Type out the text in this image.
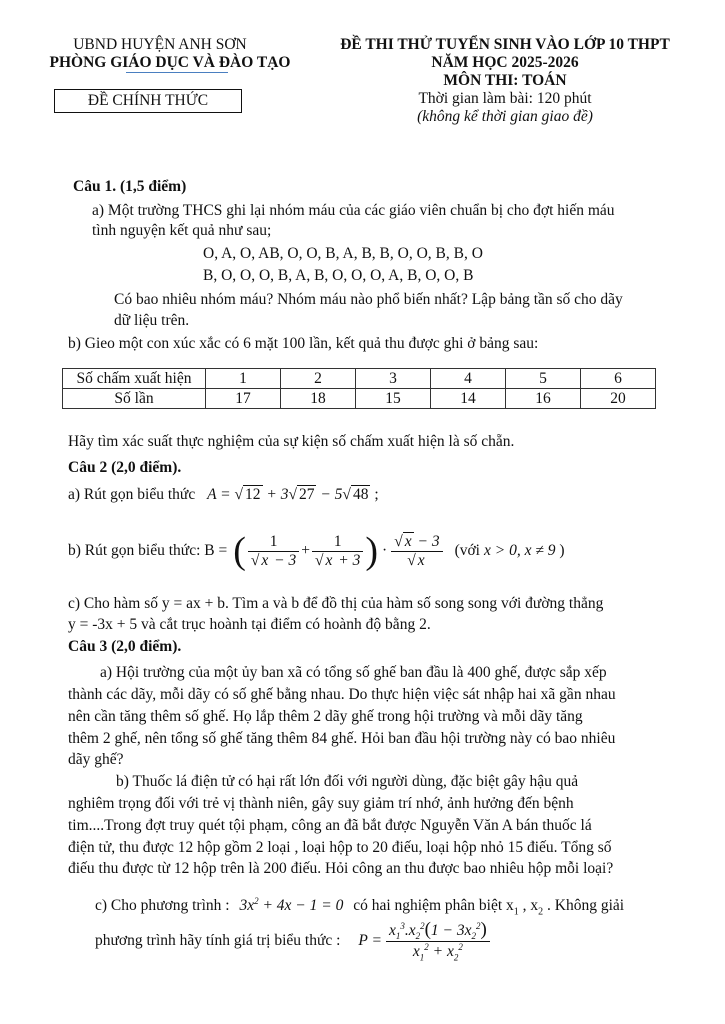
UBND HUYỆN ANH SƠN
PHÒNG GIÁO DỤC VÀ ĐÀO TẠO
ĐỀ CHÍNH THỨC
ĐỀ THI THỬ TUYỂN SINH VÀO LỚP 10 THPT
NĂM HỌC 2025-2026
MÔN THI: TOÁN
Thời gian làm bài: 120 phút
(không kể thời gian giao đề)
Câu 1. (1,5 điểm)
a) Một trường THCS ghi lại nhóm máu của các giáo viên chuẩn bị cho đợt hiến máu
tình nguyện kết quả như sau;
O, A, O, AB, O, O, B, A, B, B, O, O, B, B, O
B, O, O, O, B, A, B, O, O, O, A, B, O, O, B
Có bao nhiêu nhóm máu? Nhóm máu nào phổ biến nhất? Lập bảng tần số cho dãy
dữ liệu trên.
b) Gieo một con xúc xắc có 6 mặt 100 lần, kết quả thu được ghi ở bảng sau:
Số chấm xuất hiện	1	2	3	4	5	6
Số lần	17	18	15	14	16	20
Hãy tìm xác suất thực nghiệm của sự kiện số chấm xuất hiện là số chẵn.
Câu 2 (2,0 điểm).
a) Rút gọn biểu thức A = √ 12 + 3√ 27 − 5√ 48 ;
b) Rút gọn biểu thức: B = ( $\frac{1}{√ x - 3} + \frac{1}{√ x + 3}$ ) · $\frac{√ x - 3}{√ x}$ (với x > 0, x ≠ 9 )
c) Cho hàm số y = ax + b. Tìm a và b để đồ thị của hàm số song song với đường thẳng
y = -3x + 5 và cắt trục hoành tại điểm có hoành độ bằng 2.
Câu 3 (2,0 điểm).
a) Hội trường của một ủy ban xã có tổng số ghế ban đầu là 400 ghế, được sắp xếp
thành các dãy, mỗi dãy có số ghế bằng nhau. Do thực hiện việc sát nhập hai xã gần nhau
nên cần tăng thêm số ghế. Họ lắp thêm 2 dãy ghế trong hội trường và mỗi dãy tăng
thêm 2 ghế, nên tổng số ghế tăng thêm 84 ghế. Hỏi ban đầu hội trường này có bao nhiêu
dãy ghế?
b) Thuốc lá điện tử có hại rất lớn đối với người dùng, đặc biệt gây hậu quả
nghiêm trọng đối với trẻ vị thành niên, gây suy giảm trí nhớ, ảnh hưởng đến bệnh
tim....Trong đợt truy quét tội phạm, công an đã bắt được Nguyễn Văn A bán thuốc lá
điện tử, thu được 12 hộp gồm 2 loại , loại hộp to 20 điếu, loại hộp nhỏ 15 điếu. Tổng số
điếu thu được từ 12 hộp trên là 200 điếu. Hỏi công an thu được bao nhiêu hộp mỗi loại?
c) Cho phương trình : $3x^2 + 4x - 1 = 0$ có hai nghiệm phân biệt $x_1$ , $x_2$ . Không giải
phương trình hãy tính giá trị biểu thức : $P = \frac{x_1^3.x_2^2(1 - 3x_2^2)}{x_1^2 + x_2^2}$
